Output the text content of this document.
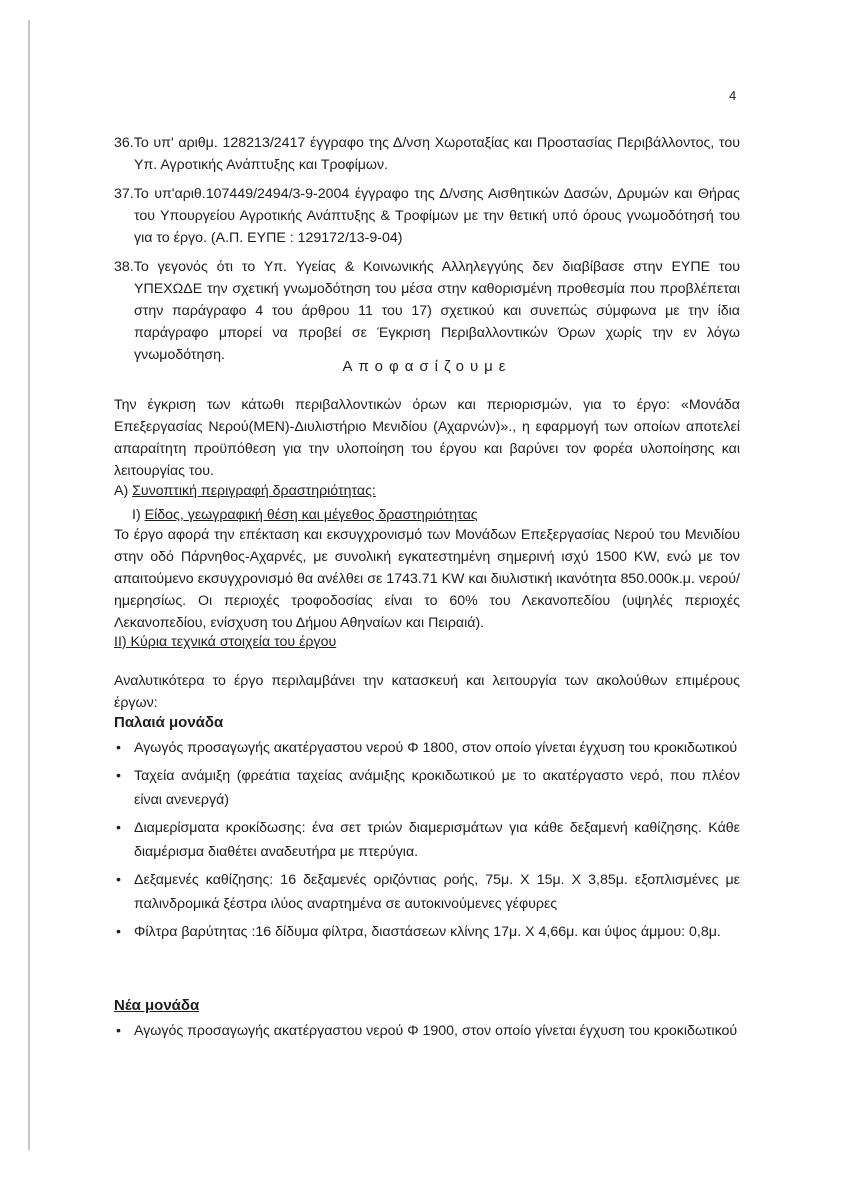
4
36.Το υπ' αριθμ. 128213/2417 έγγραφο της Δ/νση Χωροταξίας και Προστασίας Περιβάλλοντος, του Υπ. Αγροτικής Ανάπτυξης και Τροφίμων.
37.Το υπ'αριθ.107449/2494/3-9-2004 έγγραφο της Δ/νσης Αισθητικών Δασών, Δρυμών και Θήρας του Υπουργείου Αγροτικής Ανάπτυξης & Τροφίμων με την θετική υπό όρους γνωμοδότησή του για το έργο. (Α.Π. ΕΥΠΕ : 129172/13-9-04)
38.Το γεγονός ότι το Υπ. Υγείας & Κοινωνικής Αλληλεγγύης δεν διαβίβασε στην ΕΥΠΕ του ΥΠΕΧΩΔΕ την σχετική γνωμοδότηση του μέσα στην καθορισμένη προθεσμία που προβλέπεται στην παράγραφο 4 του άρθρου 11 του 17) σχετικού και συνεπώς σύμφωνα με την ίδια παράγραφο μπορεί να προβεί σε Έγκριση Περιβαλλοντικών Όρων χωρίς την εν λόγω γνωμοδότηση.
Αποφασίζουμε
Την έγκριση των κάτωθι περιβαλλοντικών όρων και περιορισμών, για το έργο: «Μονάδα Επεξεργασίας Νερού(ΜΕΝ)-Διυλιστήριο Μενιδίου (Αχαρνών)»., η εφαρμογή των οποίων αποτελεί απαραίτητη προϋπόθεση για την υλοποίηση του έργου και βαρύνει τον φορέα υλοποίησης και λειτουργίας του.
Α) Συνοπτική περιγραφή δραστηριότητας:
Ι) Είδος, γεωγραφική θέση και μέγεθος δραστηριότητας
Το έργο αφορά την επέκταση και εκσυγχρονισμό των Μονάδων Επεξεργασίας Νερού του Μενιδίου στην οδό Πάρνηθος-Αχαρνές, με συνολική εγκατεστημένη σημερινή ισχύ 1500 KW, ενώ με τον απαιτούμενο εκσυγχρονισμό θα ανέλθει σε 1743.71 KW και διυλιστική ικανότητα 850.000κ.μ. νερού/ημερησίως. Οι περιοχές τροφοδοσίας είναι το 60% του Λεκανοπεδίου (υψηλές περιοχές Λεκανοπεδίου, ενίσχυση του Δήμου Αθηναίων και Πειραιά).
ΙΙ) Κύρια τεχνικά στοιχεία του έργου
Αναλυτικότερα το έργο περιλαμβάνει την κατασκευή και λειτουργία των ακολούθων επιμέρους έργων:
Παλαιά μονάδα
• Αγωγός προσαγωγής ακατέργαστου νερού Φ 1800, στον οποίο γίνεται έγχυση του κροκιδωτικού
• Ταχεία ανάμιξη (φρεάτια ταχείας ανάμιξης κροκιδωτικού με το ακατέργαστο νερό, που πλέον είναι ανενεργά)
• Διαμερίσματα κροκίδωσης: ένα σετ τριών διαμερισμάτων για κάθε δεξαμενή καθίζησης. Κάθε διαμέρισμα διαθέτει αναδευτήρα με πτερύγια.
• Δεξαμενές καθίζησης: 16 δεξαμενές οριζόντιας ροής, 75μ. Χ 15μ. Χ 3,85μ. εξοπλισμένες με παλινδρομικά ξέστρα ιλύος αναρτημένα σε αυτοκινούμενες γέφυρες
• Φίλτρα βαρύτητας :16 δίδυμα φίλτρα, διαστάσεων κλίνης 17μ. Χ 4,66μ. και ύψος άμμου: 0,8μ.
Νέα μονάδα
• Αγωγός προσαγωγής ακατέργαστου νερού Φ 1900, στον οποίο γίνεται έγχυση του κροκιδωτικού
